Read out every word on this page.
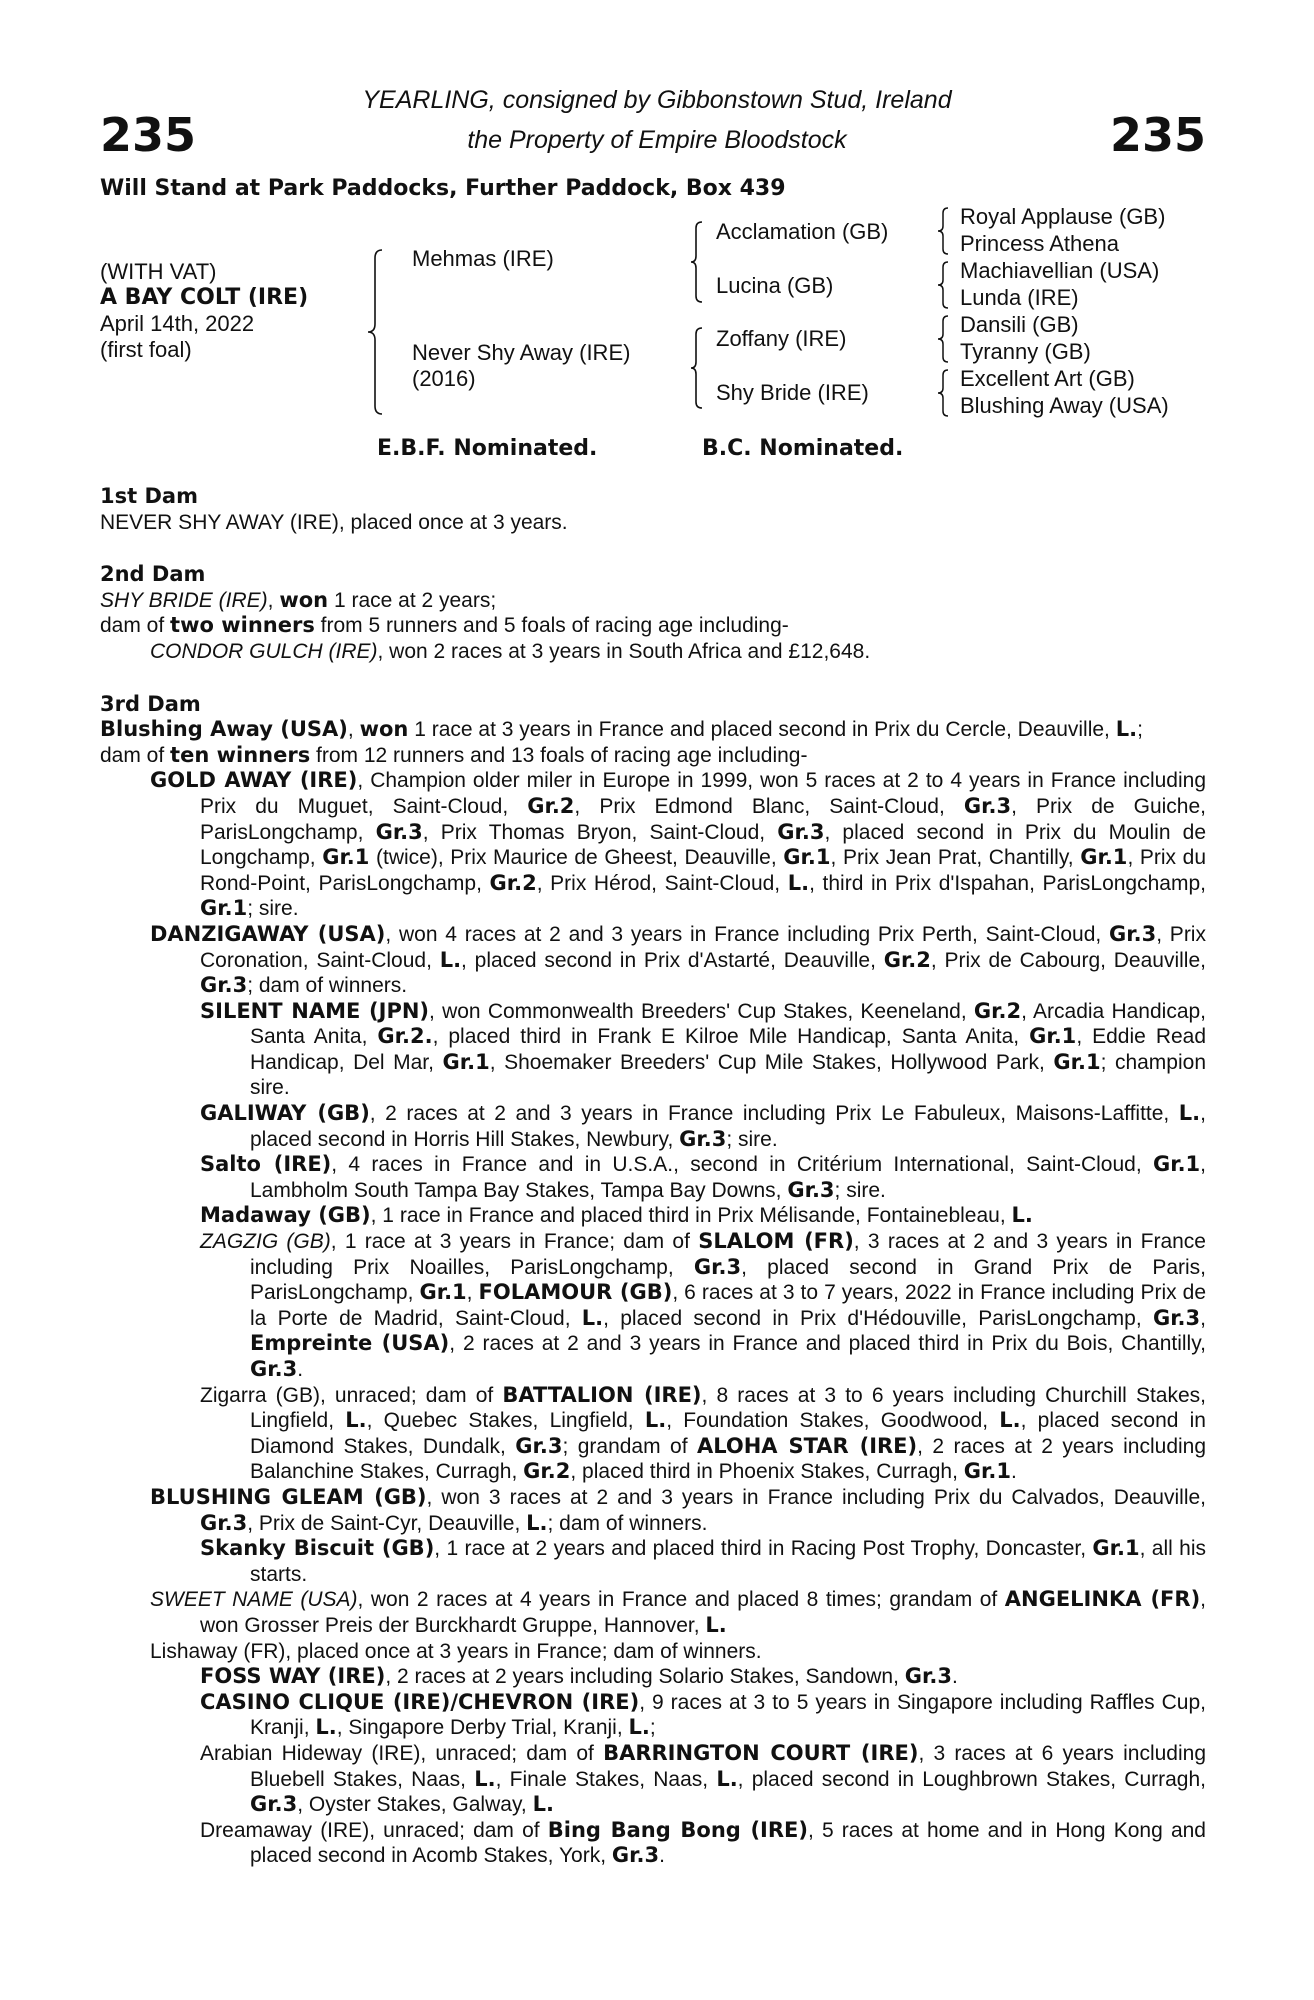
235	235
YEARLING, consigned by Gibbonstown Stud, Ireland
the Property of Empire Bloodstock
Will Stand at Park Paddocks, Further Paddock, Box 439
(WITH VAT)
A BAY COLT (IRE)
April 14th, 2022
(first foal)
Mehmas (IRE)
Never Shy Away (IRE)
(2016)
Acclamation (GB)
Lucina (GB)
Zoffany (IRE)
Shy Bride (IRE)
Royal Applause (GB)
Princess Athena
Machiavellian (USA)
Lunda (IRE)
Dansili (GB)
Tyranny (GB)
Excellent Art (GB)
Blushing Away (USA)
E.B.F. Nominated.	B.C. Nominated.
1st Dam
NEVER SHY AWAY (IRE), placed once at 3 years.
2nd Dam
SHY BRIDE (IRE), won 1 race at 2 years;
dam of two winners from 5 runners and 5 foals of racing age including-
CONDOR GULCH (IRE), won 2 races at 3 years in South Africa and £12,648.
3rd Dam
Blushing Away (USA), won 1 race at 3 years in France and placed second in Prix du Cercle, Deauville, L.;
dam of ten winners from 12 runners and 13 foals of racing age including-
GOLD AWAY (IRE), Champion older miler in Europe in 1999, won 5 races at 2 to 4 years in France including Prix du Muguet, Saint-Cloud, Gr.2, Prix Edmond Blanc, Saint-Cloud, Gr.3, Prix de Guiche, ParisLongchamp, Gr.3, Prix Thomas Bryon, Saint-Cloud, Gr.3, placed second in Prix du Moulin de Longchamp, Gr.1 (twice), Prix Maurice de Gheest, Deauville, Gr.1, Prix Jean Prat, Chantilly, Gr.1, Prix du Rond-Point, ParisLongchamp, Gr.2, Prix Hérod, Saint-Cloud, L., third in Prix d'Ispahan, ParisLongchamp, Gr.1; sire.
DANZIGAWAY (USA), won 4 races at 2 and 3 years in France including Prix Perth, Saint-Cloud, Gr.3, Prix Coronation, Saint-Cloud, L., placed second in Prix d'Astarté, Deauville, Gr.2, Prix de Cabourg, Deauville, Gr.3; dam of winners.
SILENT NAME (JPN), won Commonwealth Breeders' Cup Stakes, Keeneland, Gr.2, Arcadia Handicap, Santa Anita, Gr.2., placed third in Frank E Kilroe Mile Handicap, Santa Anita, Gr.1, Eddie Read Handicap, Del Mar, Gr.1, Shoemaker Breeders' Cup Mile Stakes, Hollywood Park, Gr.1; champion sire.
GALIWAY (GB), 2 races at 2 and 3 years in France including Prix Le Fabuleux, Maisons-Laffitte, L., placed second in Horris Hill Stakes, Newbury, Gr.3; sire.
Salto (IRE), 4 races in France and in U.S.A., second in Critérium International, Saint-Cloud, Gr.1, Lambholm South Tampa Bay Stakes, Tampa Bay Downs, Gr.3; sire.
Madaway (GB), 1 race in France and placed third in Prix Mélisande, Fontainebleau, L.
ZAGZIG (GB), 1 race at 3 years in France; dam of SLALOM (FR), 3 races at 2 and 3 years in France including Prix Noailles, ParisLongchamp, Gr.3, placed second in Grand Prix de Paris, ParisLongchamp, Gr.1, FOLAMOUR (GB), 6 races at 3 to 7 years, 2022 in France including Prix de la Porte de Madrid, Saint-Cloud, L., placed second in Prix d'Hédouville, ParisLongchamp, Gr.3, Empreinte (USA), 2 races at 2 and 3 years in France and placed third in Prix du Bois, Chantilly, Gr.3.
Zigarra (GB), unraced; dam of BATTALION (IRE), 8 races at 3 to 6 years including Churchill Stakes, Lingfield, L., Quebec Stakes, Lingfield, L., Foundation Stakes, Goodwood, L., placed second in Diamond Stakes, Dundalk, Gr.3; grandam of ALOHA STAR (IRE), 2 races at 2 years including Balanchine Stakes, Curragh, Gr.2, placed third in Phoenix Stakes, Curragh, Gr.1.
BLUSHING GLEAM (GB), won 3 races at 2 and 3 years in France including Prix du Calvados, Deauville, Gr.3, Prix de Saint-Cyr, Deauville, L.; dam of winners.
Skanky Biscuit (GB), 1 race at 2 years and placed third in Racing Post Trophy, Doncaster, Gr.1, all his starts.
SWEET NAME (USA), won 2 races at 4 years in France and placed 8 times; grandam of ANGELINKA (FR), won Grosser Preis der Burckhardt Gruppe, Hannover, L.
Lishaway (FR), placed once at 3 years in France; dam of winners.
FOSS WAY (IRE), 2 races at 2 years including Solario Stakes, Sandown, Gr.3.
CASINO CLIQUE (IRE)/CHEVRON (IRE), 9 races at 3 to 5 years in Singapore including Raffles Cup, Kranji, L., Singapore Derby Trial, Kranji, L.;
Arabian Hideway (IRE), unraced; dam of BARRINGTON COURT (IRE), 3 races at 6 years including Bluebell Stakes, Naas, L., Finale Stakes, Naas, L., placed second in Loughbrown Stakes, Curragh, Gr.3, Oyster Stakes, Galway, L.
Dreamaway (IRE), unraced; dam of Bing Bang Bong (IRE), 5 races at home and in Hong Kong and placed second in Acomb Stakes, York, Gr.3.
